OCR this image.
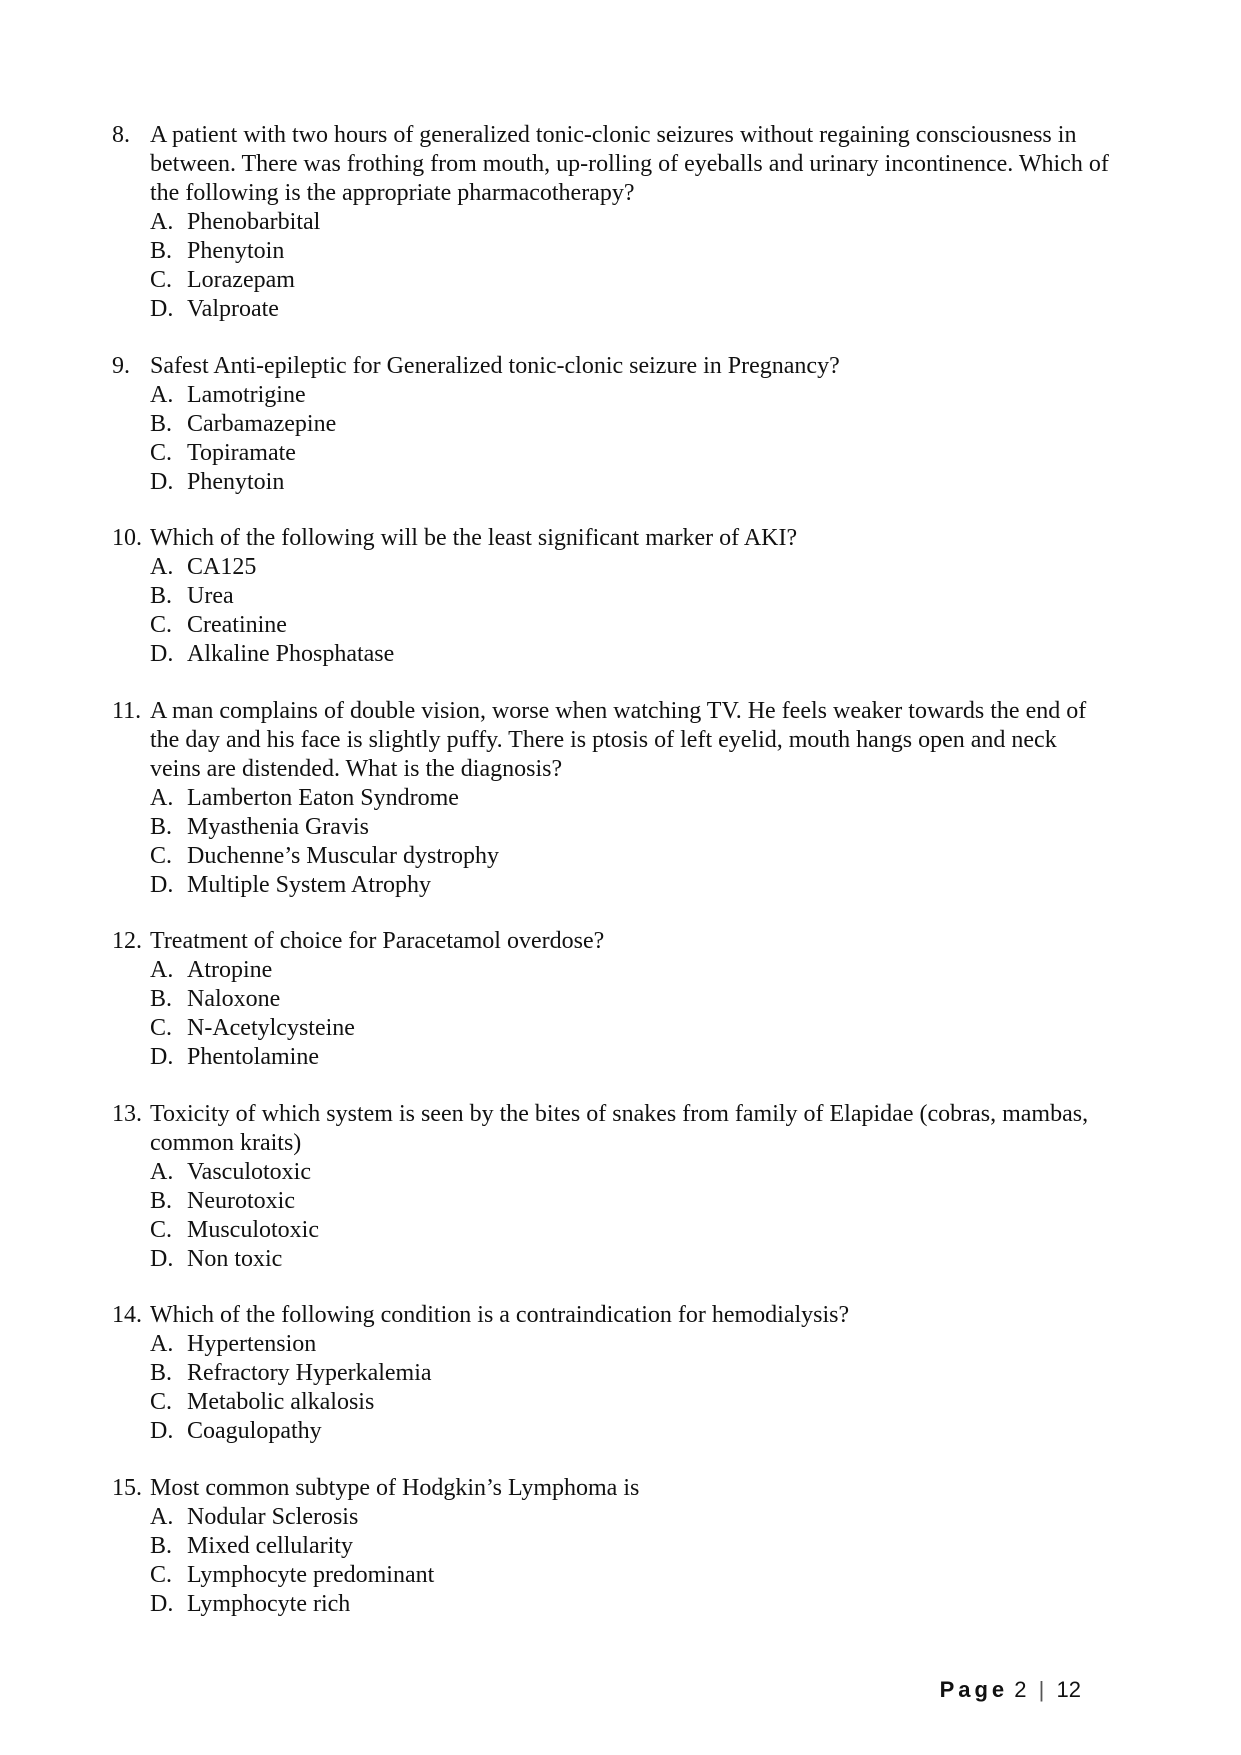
8. A patient with two hours of generalized tonic-clonic seizures without regaining consciousness in between. There was frothing from mouth, up-rolling of eyeballs and urinary incontinence. Which of the following is the appropriate pharmacotherapy?

A. Phenobarbital
B. Phenytoin
C. Lorazepam
D. Valproate
9. Safest Anti-epileptic for Generalized tonic-clonic seizure in Pregnancy?

A. Lamotrigine
B. Carbamazepine
C. Topiramate
D. Phenytoin
10. Which of the following will be the least significant marker of AKI?

A. CA125
B. Urea
C. Creatinine
D. Alkaline Phosphatase
11. A man complains of double vision, worse when watching TV. He feels weaker towards the end of the day and his face is slightly puffy. There is ptosis of left eyelid, mouth hangs open and neck veins are distended. What is the diagnosis?

A. Lamberton Eaton Syndrome
B. Myasthenia Gravis
C. Duchenne’s Muscular dystrophy
D. Multiple System Atrophy
12. Treatment of choice for Paracetamol overdose?

A. Atropine
B. Naloxone
C. N-Acetylcysteine
D. Phentolamine
13. Toxicity of which system is seen by the bites of snakes from family of Elapidae (cobras, mambas, common kraits)

A. Vasculotoxic
B. Neurotoxic
C. Musculotoxic
D. Non toxic
14. Which of the following condition is a contraindication for hemodialysis?

A. Hypertension
B. Refractory Hyperkalemia
C. Metabolic alkalosis
D. Coagulopathy
15. Most common subtype of Hodgkin’s Lymphoma is

A. Nodular Sclerosis
B. Mixed cellularity
C. Lymphocyte predominant
D. Lymphocyte rich
Page 2 | 12
